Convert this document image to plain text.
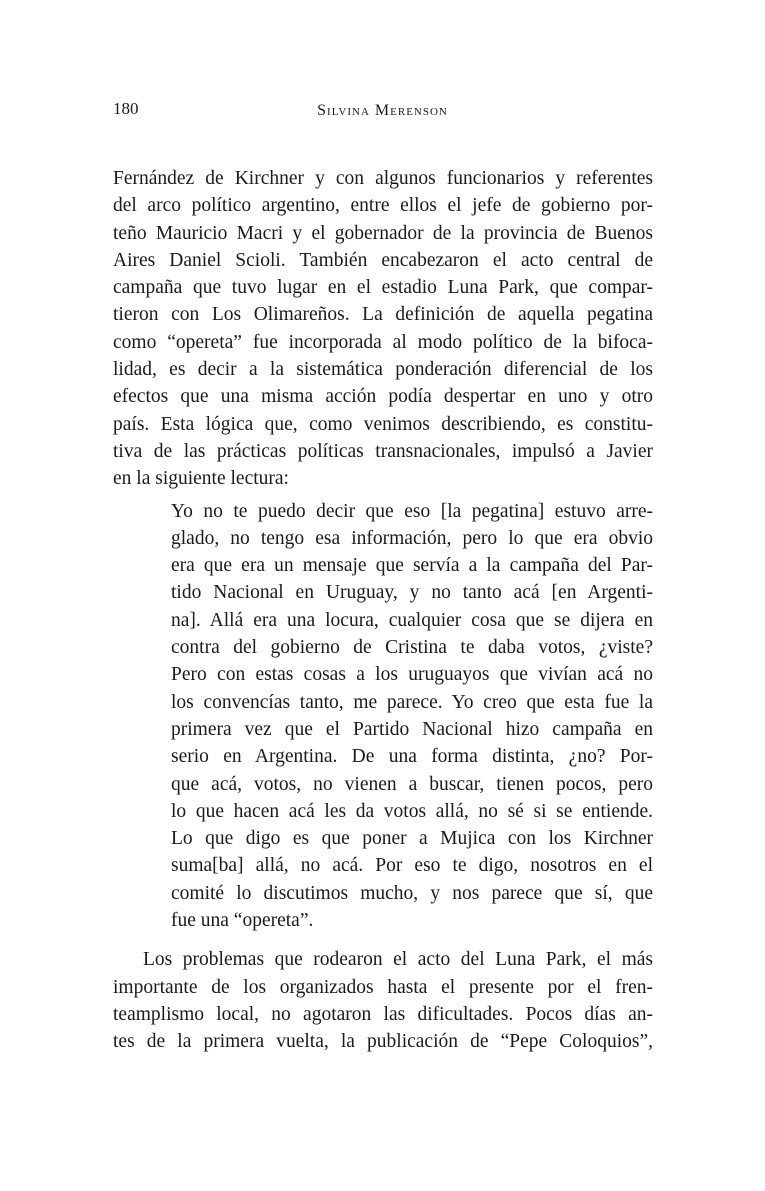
180	Silvina Merenson
Fernández de Kirchner y con algunos funcionarios y referentes
del arco político argentino, entre ellos el jefe de gobierno por-
teño Mauricio Macri y el gobernador de la provincia de Buenos
Aires Daniel Scioli. También encabezaron el acto central de
campaña que tuvo lugar en el estadio Luna Park, que compar-
tieron con Los Olimareños. La definición de aquella pegatina
como “opereta” fue incorporada al modo político de la bifoca-
lidad, es decir a la sistemática ponderación diferencial de los
efectos que una misma acción podía despertar en uno y otro
país. Esta lógica que, como venimos describiendo, es constitu-
tiva de las prácticas políticas transnacionales, impulsó a Javier
en la siguiente lectura:
Yo no te puedo decir que eso [la pegatina] estuvo arre-
glado, no tengo esa información, pero lo que era obvio
era que era un mensaje que servía a la campaña del Par-
tido Nacional en Uruguay, y no tanto acá [en Argenti-
na]. Allá era una locura, cualquier cosa que se dijera en
contra del gobierno de Cristina te daba votos, ¿viste?
Pero con estas cosas a los uruguayos que vivían acá no
los convencías tanto, me parece. Yo creo que esta fue la
primera vez que el Partido Nacional hizo campaña en
serio en Argentina. De una forma distinta, ¿no? Por-
que acá, votos, no vienen a buscar, tienen pocos, pero
lo que hacen acá les da votos allá, no sé si se entiende.
Lo que digo es que poner a Mujica con los Kirchner
suma[ba] allá, no acá. Por eso te digo, nosotros en el
comité lo discutimos mucho, y nos parece que sí, que
fue una “opereta”.
Los problemas que rodearon el acto del Luna Park, el más
importante de los organizados hasta el presente por el fren-
teamplismo local, no agotaron las dificultades. Pocos días an-
tes de la primera vuelta, la publicación de “Pepe Coloquios”,
